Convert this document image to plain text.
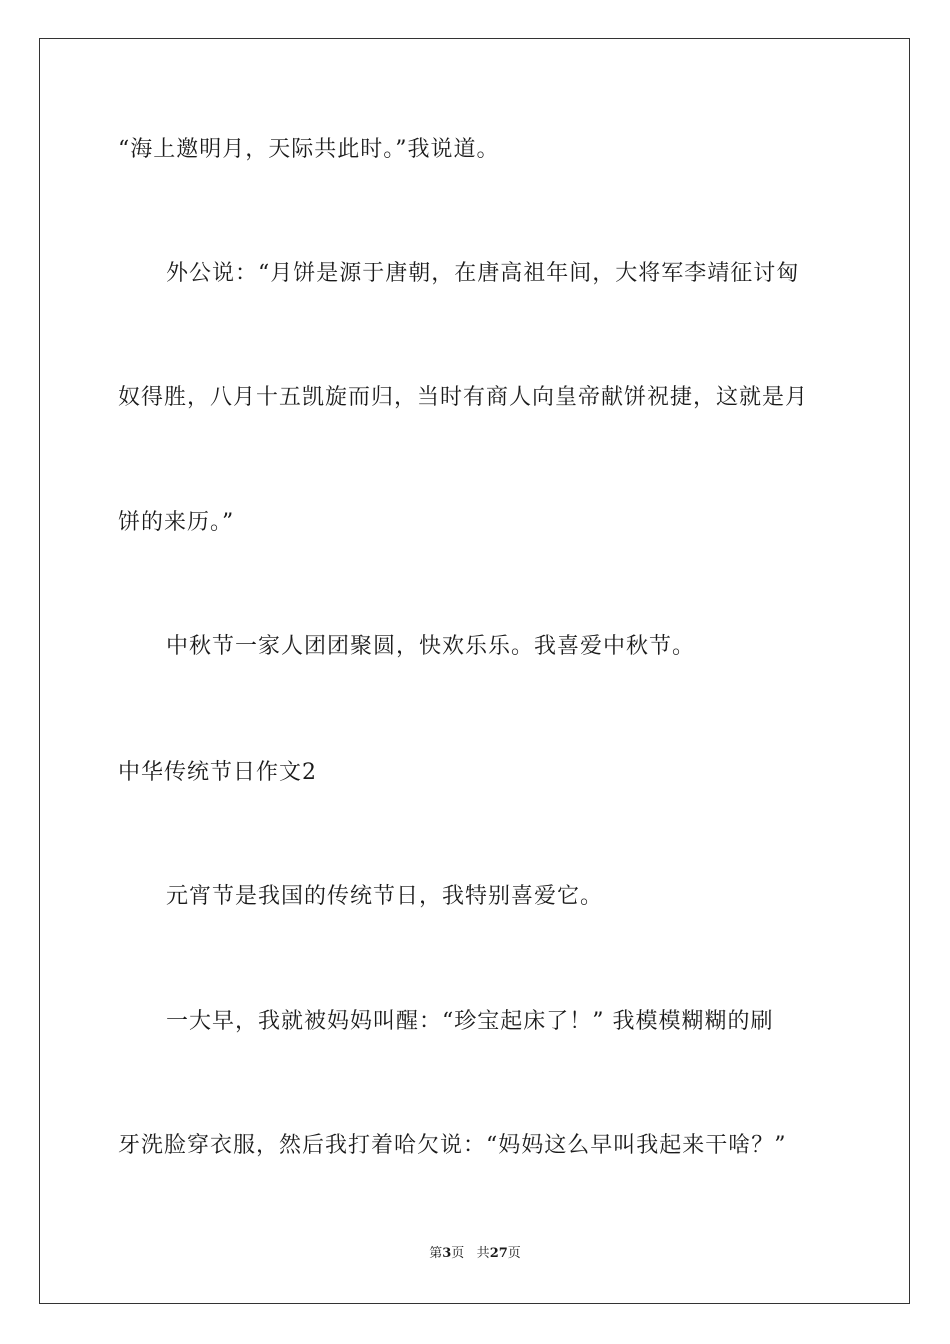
“海上邀明月，天际共此时。”我说道。
外公说：“月饼是源于唐朝，在唐高祖年间，大将军李靖征讨匈
奴得胜，八月十五凯旋而归，当时有商人向皇帝献饼祝捷，这就是月
饼的来历。”
中秋节一家人团团聚圆，快欢乐乐。我喜爱中秋节。
中华传统节日作文2
元宵节是我国的传统节日，我特别喜爱它。
一大早，我就被妈妈叫醒：“珍宝起床了！” 我模模糊糊的刷
牙洗脸穿衣服，然后我打着哈欠说：“妈妈这么早叫我起来干啥？”
第3页 共27页
